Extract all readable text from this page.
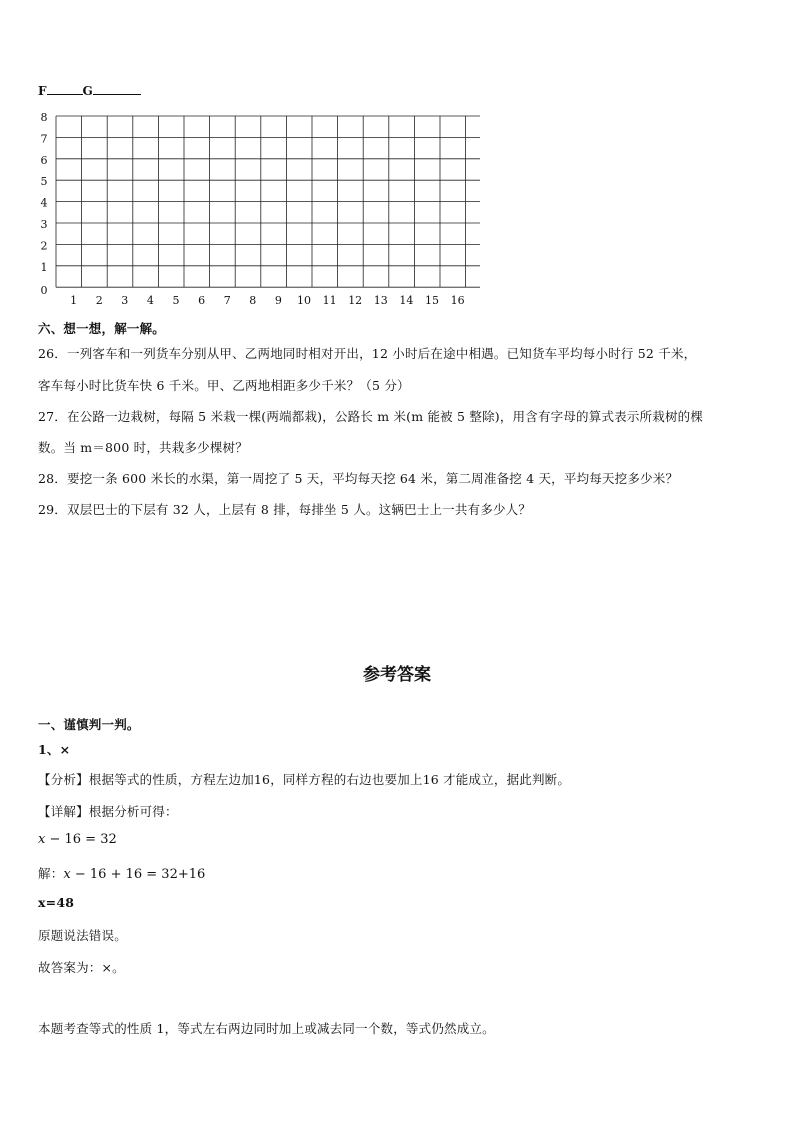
F	G
8
7
6
5
4
3
2
1
0
1 2 3 4 5 6 7 8 9 10 11 12 13 14 15 16
六、想一想，解一解。
26．一列客车和一列货车分别从甲、乙两地同时相对开出，12 小时后在途中相遇。已知货车平均每小时行 52 千米，
客车每小时比货车快 6 千米。甲、乙两地相距多少千米？（5 分）
27．在公路一边栽树，每隔 5 米栽一棵(两端都栽)，公路长 m 米(m 能被 5 整除)，用含有字母的算式表示所栽树的棵
数。当 m＝800 时，共栽多少棵树？
28．要挖一条 600 米长的水渠，第一周挖了 5 天，平均每天挖 64 米，第二周准备挖 4 天，平均每天挖多少米？
29．双层巴士的下层有 32 人，上层有 8 排，每排坐 5 人。这辆巴士上一共有多少人？
参考答案
一、谨慎判一判。
1、×
【分析】根据等式的性质，方程左边加16，同样方程的右边也要加上16 才能成立，据此判断。
【详解】根据分析可得：
x − 16 = 32
解：x − 16 + 16 = 32+16
x=48
原题说法错误。
故答案为：×。
本题考查等式的性质 1，等式左右两边同时加上或减去同一个数，等式仍然成立。
